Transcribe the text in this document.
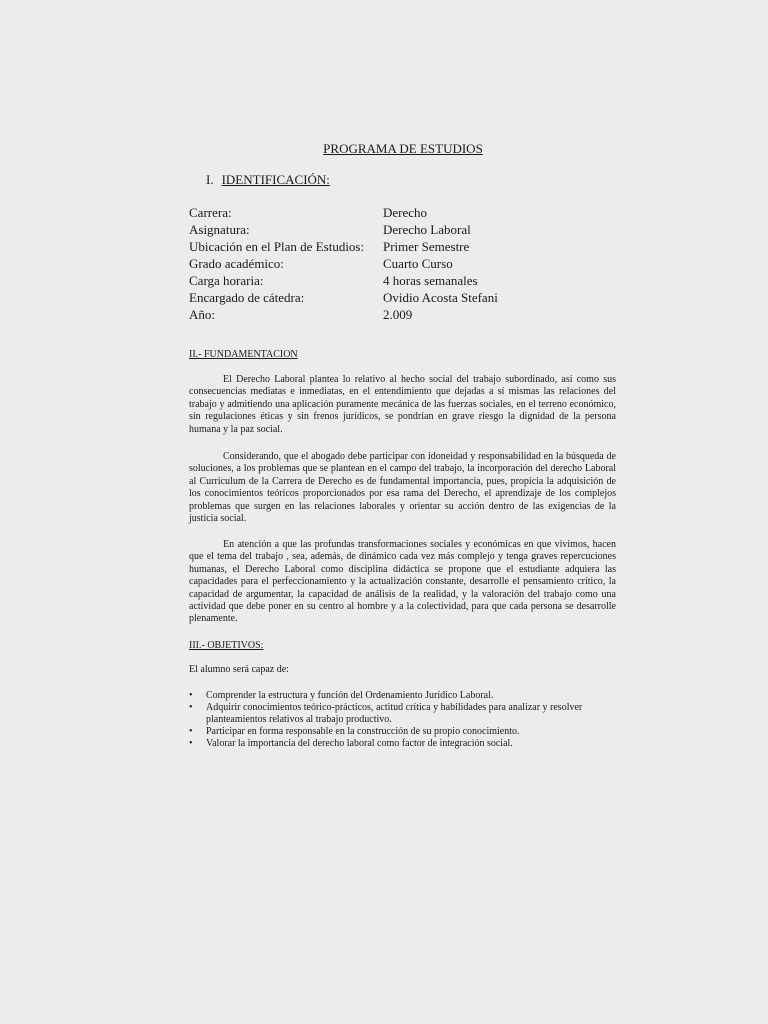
PROGRAMA DE ESTUDIOS
I. IDENTIFICACIÓN:
Carrera:	Derecho
Asignatura:	Derecho Laboral
Ubicación en el Plan de Estudios:	Primer Semestre
Grado académico:	Cuarto Curso
Carga horaria:	4 horas semanales
Encargado de cátedra:	Ovidio Acosta Stefani
Año:	2.009
II.- FUNDAMENTACION

El Derecho Laboral plantea lo relativo al hecho social del trabajo subordinado, así como sus consecuencias mediatas e inmediatas, en el entendimiento que dejadas a sí mismas las relaciones del trabajo y admitiendo una aplicación puramente mecánica de las fuerzas sociales, en el terreno económico, sin regulaciones éticas y sin frenos jurídicos, se pondrían en grave riesgo la dignidad de la persona humana y la paz social.

Considerando, que el abogado debe participar con idoneidad y responsabilidad en la búsqueda de soluciones, a los problemas que se plantean en el campo del trabajo, la incorporación del derecho Laboral al Curriculum de la Carrera de Derecho es de fundamental importancia, pues, propicia la adquisición de los conocimientos teóricos proporcionados por esa rama del Derecho, el aprendizaje de los complejos problemas que surgen en las relaciones laborales y orientar su acción dentro de las exigencias de la justicia social.

En atención a que las profundas transformaciones sociales y económicas en que vivimos, hacen que el tema del trabajo , sea, además, de dinámico cada vez más complejo y tenga graves repercuciones humanas, el Derecho Laboral como disciplina didáctica se propone que el estudiante adquiera las capacidades para el perfeccionamiento y la actualización constante, desarrolle el pensamiento crítico, la capacidad de argumentar, la capacidad de análisis de la realidad, y la valoración del trabajo como una actividad que debe poner en su centro al hombre y a la colectividad, para que cada persona se desarrolle plenamente.

III.- OBJETIVOS:
El alumno será capaz de:
• Comprender la estructura y función del Ordenamiento Jurídico Laboral.
• Adquirir conocimientos teórico-prácticos, actitud crítica y habilidades para analizar y resolver planteamientos relativos al trabajo productivo.
• Participar en forma responsable en la construcción de su propio conocimiento.
• Valorar la importancia del derecho laboral como factor de integración social.
